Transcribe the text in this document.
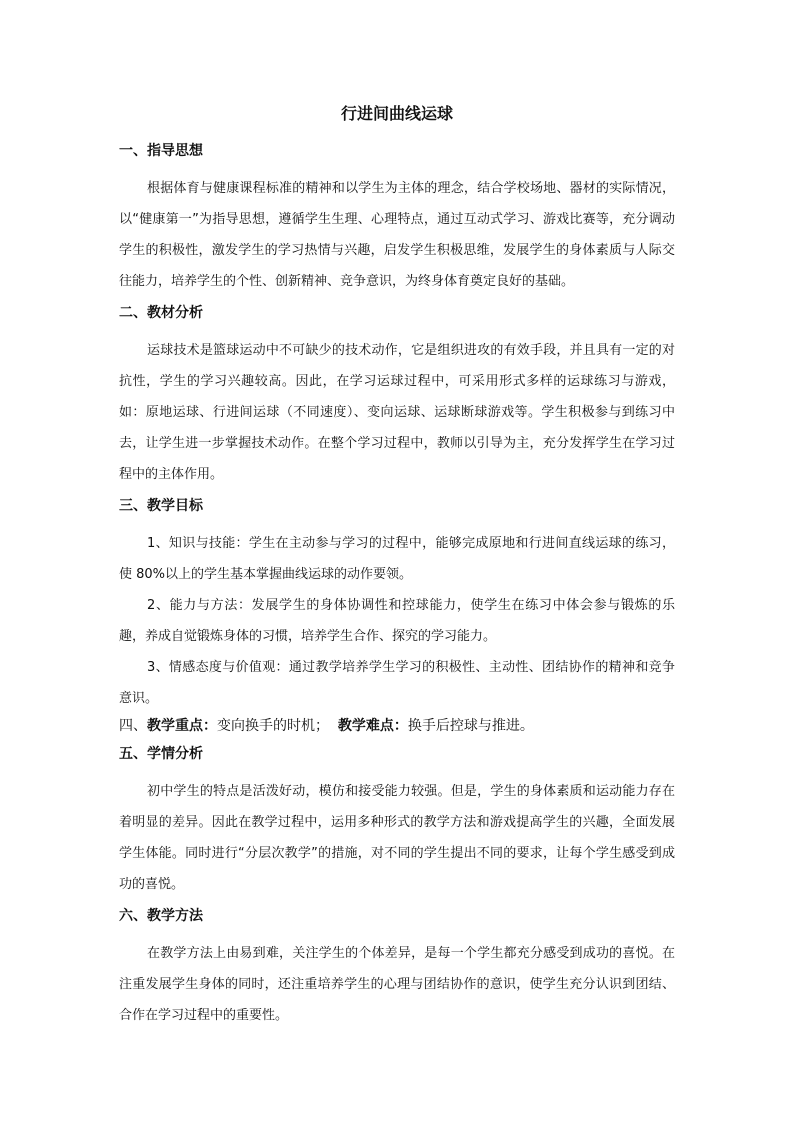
行进间曲线运球
一、指导思想

根据体育与健康课程标准的精神和以学生为主体的理念，结合学校场地、器材的实际情况，以“健康第一”为指导思想，遵循学生生理、心理特点，通过互动式学习、游戏比赛等，充分调动学生的积极性，激发学生的学习热情与兴趣，启发学生积极思维，发展学生的身体素质与人际交往能力，培养学生的个性、创新精神、竞争意识，为终身体育奠定良好的基础。

二、教材分析

运球技术是篮球运动中不可缺少的技术动作，它是组织进攻的有效手段，并且具有一定的对抗性，学生的学习兴趣较高。因此，在学习运球过程中，可采用形式多样的运球练习与游戏，如：原地运球、行进间运球（不同速度）、变向运球、运球断球游戏等。学生积极参与到练习中去，让学生进一步掌握技术动作。在整个学习过程中，教师以引导为主，充分发挥学生在学习过程中的主体作用。

三、教学目标

1、知识与技能：学生在主动参与学习的过程中，能够完成原地和行进间直线运球的练习，使 80%以上的学生基本掌握曲线运球的动作要领。

2、能力与方法：发展学生的身体协调性和控球能力，使学生在练习中体会参与锻炼的乐趣，养成自觉锻炼身体的习惯，培养学生合作、探究的学习能力。

3、情感态度与价值观：通过教学培养学生学习的积极性、主动性、团结协作的精神和竞争意识。

四、教学重点：变向换手的时机； 教学难点：换手后控球与推进。
五、学情分析

初中学生的特点是活泼好动，模仿和接受能力较强。但是，学生的身体素质和运动能力存在着明显的差异。因此在教学过程中，运用多种形式的教学方法和游戏提高学生的兴趣，全面发展学生体能。同时进行“分层次教学”的措施，对不同的学生提出不同的要求，让每个学生感受到成功的喜悦。

六、教学方法

在教学方法上由易到难，关注学生的个体差异，是每一个学生都充分感受到成功的喜悦。在注重发展学生身体的同时，还注重培养学生的心理与团结协作的意识，使学生充分认识到团结、合作在学习过程中的重要性。
